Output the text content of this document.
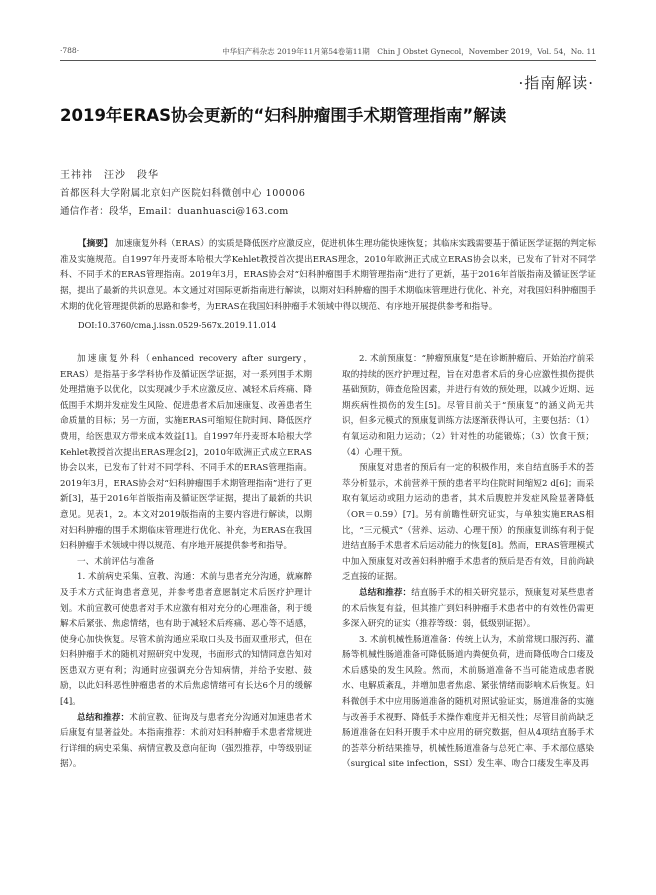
·788·	中华妇产科杂志 2019年11月第54卷第11期　Chin J Obstet Gynecol，November 2019，Vol. 54，No. 11
·指南解读·
2019年ERAS协会更新的“妇科肿瘤围手术期管理指南”解读
王祎祎　汪沙　段华
首都医科大学附属北京妇产医院妇科微创中心 100006
通信作者：段华，Email：duanhuasci@163.com
【摘要】 加速康复外科（ERAS）的实质是降低医疗应激反应，促进机体生理功能快速恢复；其临床实践需要基于循证医学证据的判定标准及实施规范。自1997年丹麦哥本哈根大学Kehlet教授首次提出ERAS理念，2010年欧洲正式成立ERAS协会以来，已发布了针对不同学科、不同手术的ERAS管理指南。2019年3月，ERAS协会对“妇科肿瘤围手术期管理指南”进行了更新，基于2016年首版指南及循证医学证据，提出了最新的共识意见。本文通过对国际更新指南进行解读，以期对妇科肿瘤的围手术期临床管理进行优化、补充，对我国妇科肿瘤围手术期的优化管理提供新的思路和参考，为ERAS在我国妇科肿瘤手术领域中得以规范、有序地开展提供参考和指导。
DOI:10.3760/cma.j.issn.0529-567x.2019.11.014

加速康复外科（enhanced recovery after surgery，ERAS）是指基于多学科协作及循证医学证据，对一系列围手术期处理措施予以优化，以实现减少手术应激反应、减轻术后疼痛、降低围手术期并发症发生风险、促进患者术后加速康复、改善患者生命质量的目标；另一方面，实施ERAS可缩短住院时间、降低医疗费用，给医患双方带来成本效益[1]。自1997年丹麦哥本哈根大学Kehlet教授首次提出ERAS理念[2]，2010年欧洲正式成立ERAS协会以来，已发布了针对不同学科、不同手术的ERAS管理指南。2019年3月，ERAS协会对“妇科肿瘤围手术期管理指南”进行了更新[3]，基于2016年首版指南及循证医学证据，提出了最新的共识意见。见表1，2。本文对2019版指南的主要内容进行解读，以期对妇科肿瘤的围手术期临床管理进行优化、补充，为ERAS在我国妇科肿瘤手术领域中得以规范、有序地开展提供参考和指导。

一、术前评估与准备

1. 术前病史采集、宣教、沟通：术前与患者充分沟通，就麻醉及手术方式征询患者意见，并参考患者意愿制定术后医疗护理计划。术前宣教可使患者对手术应激有相对充分的心理准备，利于缓解术后紧张、焦虑情绪，也有助于减轻术后疼痛、恶心等不适感，使身心加快恢复。尽管术前沟通应采取口头及书面双重形式，但在妇科肿瘤手术的随机对照研究中发现，书面形式的知情同意告知对医患双方更有利；沟通时应强调充分告知病情，并给予安慰、鼓励，以此妇科恶性肿瘤患者的术后焦虑情绪可有长达6个月的缓解[4]。

总结和推荐：术前宣教、征询及与患者充分沟通对加速患者术后康复有显著益处。本指南推荐：术前对妇科肿瘤手术患者常规进行详细的病史采集、病情宣教及意向征询（强烈推荐，中等级别证据）。

2. 术前预康复：“肿瘤预康复”是在诊断肿瘤后、开始治疗前采取的持续的医疗护理过程，旨在对患者术后的身心应激性损伤提供基础预防，筛查危险因素，并进行有效的预处理，以减少近期、远期疾病性损伤的发生[5]。尽管目前关于“预康复”的涵义尚无共识，但多元模式的预康复训练方法逐渐获得认可，主要包括：（1）有氧运动和阻力运动；（2）针对性的功能锻炼；（3）饮食干预；（4）心理干预。

预康复对患者的预后有一定的积极作用，来自结直肠手术的荟萃分析显示，术前营养干预的患者平均住院时间缩短2 d[6]；而采取有氧运动或阻力运动的患者，其术后腹腔并发症风险显著降低（OR＝0.59）[7]。另有前瞻性研究证实，与单独实施ERAS相比，“三元模式”（营养、运动、心理干预）的预康复训练有利于促进结直肠手术患者术后运动能力的恢复[8]。然而，ERAS管理模式中加入预康复对改善妇科肿瘤手术患者的预后是否有效，目前尚缺乏直接的证据。

总结和推荐：结直肠手术的相关研究显示，预康复对某些患者的术后恢复有益，但其推广到妇科肿瘤手术患者中的有效性仍需更多深入研究的证实（推荐等级：弱，低级别证据）。

3. 术前机械性肠道准备：传统上认为，术前常规口服泻药、灌肠等机械性肠道准备可降低肠道内粪便负荷，进而降低吻合口瘘及术后感染的发生风险。然而，术前肠道准备不当可能造成患者脱水、电解质紊乱，并增加患者焦虑、紧张情绪而影响术后恢复。妇科微创手术中应用肠道准备的随机对照试验证实，肠道准备的实施与改善手术视野、降低手术操作难度并无相关性；尽管目前尚缺乏肠道准备在妇科开腹手术中应用的研究数据，但从4项结直肠手术的荟萃分析结果推导，机械性肠道准备与总死亡率、手术部位感染（surgical site infection，SSI）发生率、吻合口瘘发生率及再
